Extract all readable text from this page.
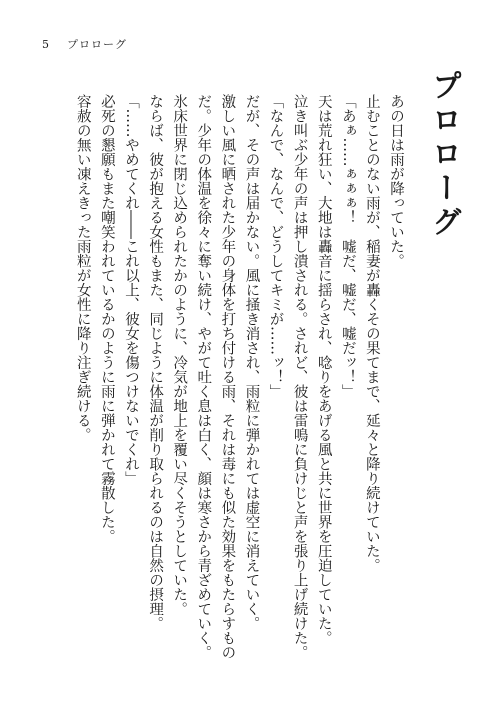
5 プロローグ
プロローグ

あの日は雨が降っていた。

止むことのない雨が、稲妻が轟くその果てまで、延々と降り続けていた。

「あぁ……ぁぁぁ！　嘘だ、嘘だ、嘘だッ！」

天は荒れ狂い、大地は轟音に揺らされ、唸りをあげる風と共に世界を圧迫していた。

泣き叫ぶ少年の声は押し潰される。されど、彼は雷鳴に負けじと声を張り上げ続けた。

「なんで、なんで、どうしてキミが……ッ！」

だが、その声は届かない。風に掻き消され、雨粒に弾かれては虚空に消えていく。

激しい風に晒された少年の身体を打ち付ける雨、それは毒にも似た効果をもたらすものだ。少年の体温を徐々に奪い続け、やがて吐く息は白く、顔は寒さから青ざめていく。

氷床世界に閉じ込められたかのように、冷気が地上を覆い尽くそうとしていた。

ならば、彼が抱える女性もまた、同じように体温が削り取られるのは自然の摂理。

「……やめてくれ――これ以上、彼女を傷つけないでくれ」

必死の懇願もまた嘲笑われているかのように雨に弾かれて霧散した。

容赦の無い凍えきった雨粒が女性に降り注ぎ続ける。
